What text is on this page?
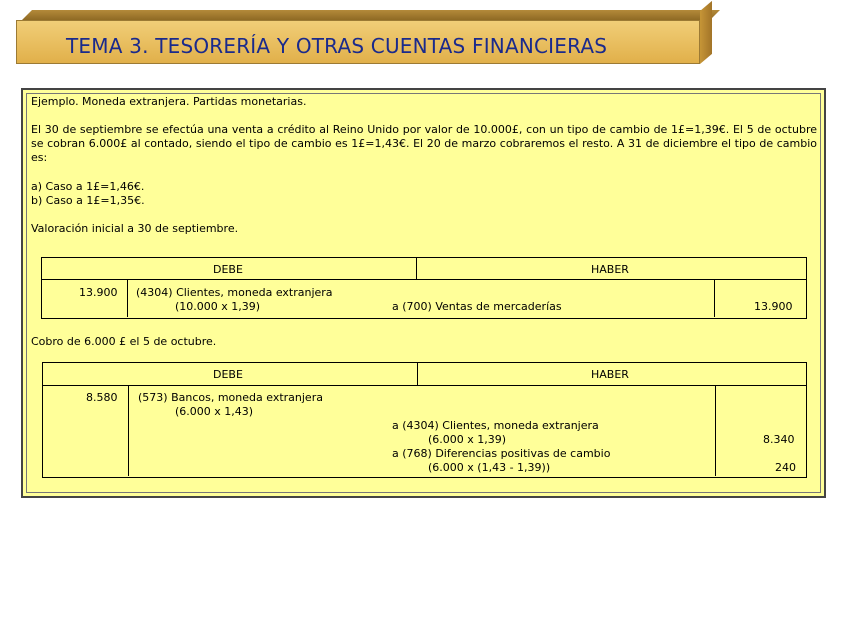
TEMA 3. TESORERÍA Y OTRAS CUENTAS FINANCIERAS
Ejemplo. Moneda extranjera. Partidas monetarias.
El 30 de septiembre se efectúa una venta a crédito al Reino Unido por valor de 10.000£, con un tipo de cambio de 1£=1,39€. El 5 de octubre se cobran 6.000£ al contado, siendo el tipo de cambio es 1£=1,43€. El 20 de marzo cobraremos el resto. A 31 de diciembre el tipo de cambio es:
a) Caso a 1£=1,46€.
b) Caso a 1£=1,35€.
Valoración inicial a 30 de septiembre.
DEBE	HABER
13.900 (4304) Clientes, moneda extranjera
(10.000 x 1,39)	a (700) Ventas de mercaderías	13.900
Cobro de 6.000 £ el 5 de octubre.
DEBE	HABER
8.580 (573) Bancos, moneda extranjera
(6.000 x 1,43)
a (4304) Clientes, moneda extranjera
(6.000 x 1,39)	8.340
a (768) Diferencias positivas de cambio
(6.000 x (1,43 - 1,39))	240
